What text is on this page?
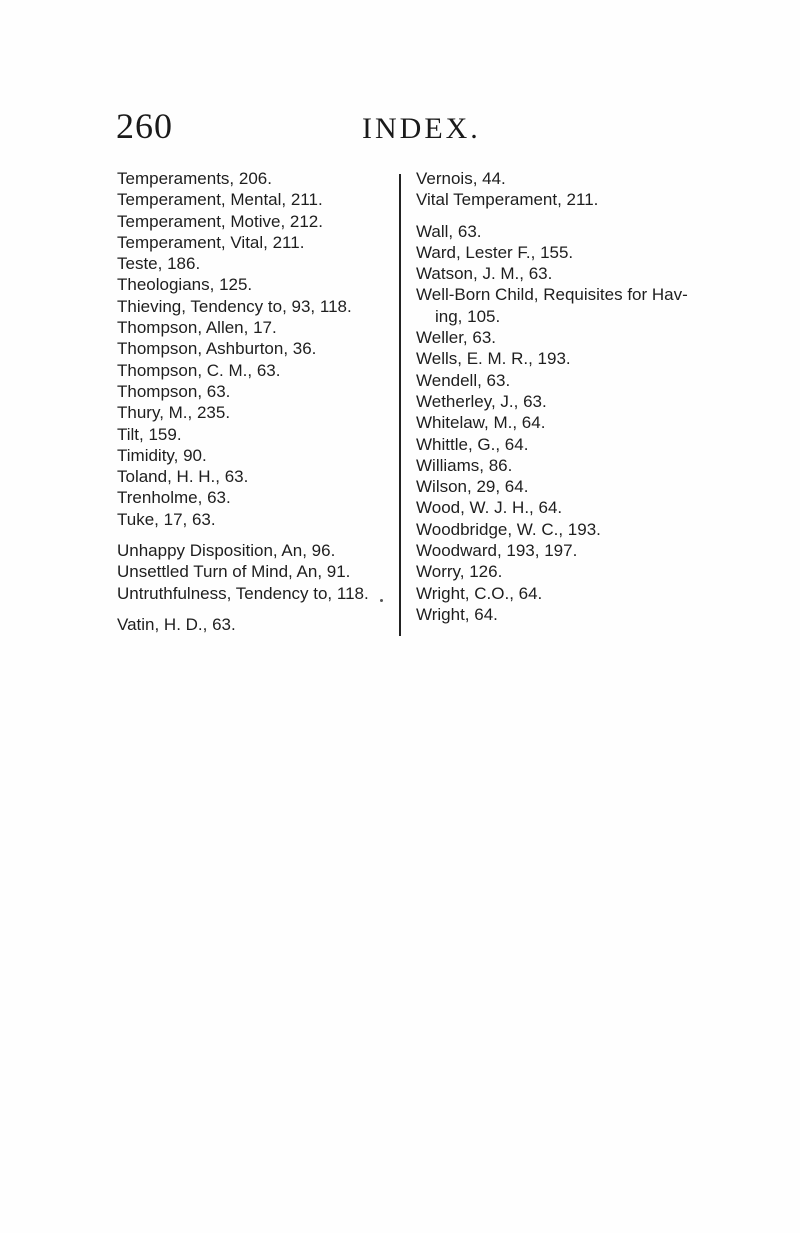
260	INDEX.
Temperaments, 206.
Temperament, Mental, 211.
Temperament, Motive, 212.
Temperament, Vital, 211.
Teste, 186.
Theologians, 125.
Thieving, Tendency to, 93, 118.
Thompson, Allen, 17.
Thompson, Ashburton, 36.
Thompson, C. M., 63.
Thompson, 63.
Thury, M., 235.
Tilt, 159.
Timidity, 90.
Toland, H. H., 63.
Trenholme, 63.
Tuke, 17, 63.
Unhappy Disposition, An, 96.
Unsettled Turn of Mind, An, 91.
Untruthfulness, Tendency to, 118.
Vatin, H. D., 63.
Vernois, 44.
Vital Temperament, 211.
Wall, 63.
Ward, Lester F., 155.
Watson, J. M., 63.
Well-Born Child, Requisites for Hav-
ing, 105.
Weller, 63.
Wells, E. M. R., 193.
Wendell, 63.
Wetherley, J., 63.
Whitelaw, M., 64.
Whittle, G., 64.
Williams, 86.
Wilson, 29, 64.
Wood, W. J. H., 64.
Woodbridge, W. C., 193.
Woodward, 193, 197.
Worry, 126.
Wright, C.O., 64.
Wright, 64.
